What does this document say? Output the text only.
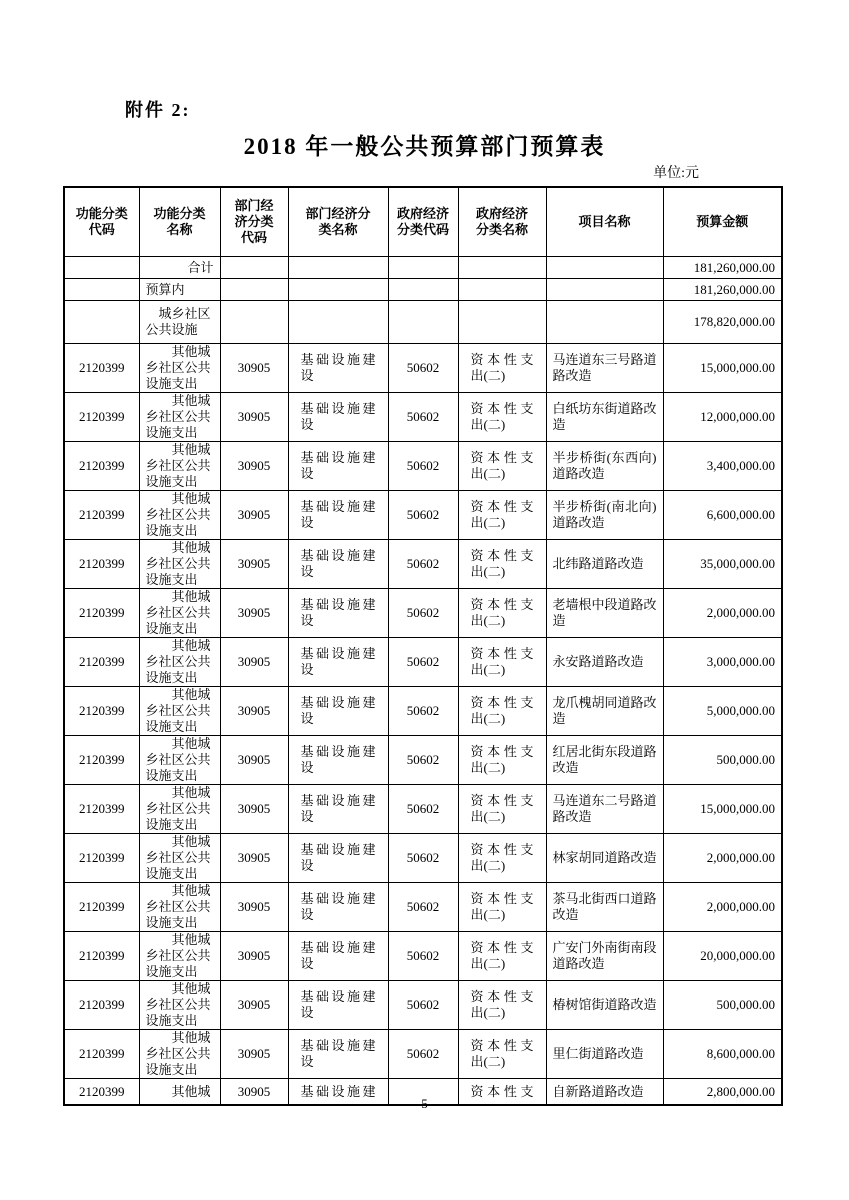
附件 2:
2018 年一般公共预算部门预算表
单位:元
功能分类代码	功能分类名称	部门经济分类代码	部门经济分类名称	政府经济分类代码	政府经济分类名称	项目名称	预算金额
	合计						181,260,000.00
	预算内						181,260,000.00
	城乡社区公共设施						178,820,000.00
2120399	其他城乡社区公共设施支出	30905	基础设施建设	50602	资本性支出(二)	马连道东三号路道路改造	15,000,000.00
2120399	其他城乡社区公共设施支出	30905	基础设施建设	50602	资本性支出(二)	白纸坊东街道路改造	12,000,000.00
2120399	其他城乡社区公共设施支出	30905	基础设施建设	50602	资本性支出(二)	半步桥街(东西向)道路改造	3,400,000.00
2120399	其他城乡社区公共设施支出	30905	基础设施建设	50602	资本性支出(二)	半步桥街(南北向)道路改造	6,600,000.00
2120399	其他城乡社区公共设施支出	30905	基础设施建设	50602	资本性支出(二)	北纬路道路改造	35,000,000.00
2120399	其他城乡社区公共设施支出	30905	基础设施建设	50602	资本性支出(二)	老墙根中段道路改造	2,000,000.00
2120399	其他城乡社区公共设施支出	30905	基础设施建设	50602	资本性支出(二)	永安路道路改造	3,000,000.00
2120399	其他城乡社区公共设施支出	30905	基础设施建设	50602	资本性支出(二)	龙爪槐胡同道路改造	5,000,000.00
2120399	其他城乡社区公共设施支出	30905	基础设施建设	50602	资本性支出(二)	红居北街东段道路改造	500,000.00
2120399	其他城乡社区公共设施支出	30905	基础设施建设	50602	资本性支出(二)	马连道东二号路道路改造	15,000,000.00
2120399	其他城乡社区公共设施支出	30905	基础设施建设	50602	资本性支出(二)	林家胡同道路改造	2,000,000.00
2120399	其他城乡社区公共设施支出	30905	基础设施建设	50602	资本性支出(二)	茶马北街西口道路改造	2,000,000.00
2120399	其他城乡社区公共设施支出	30905	基础设施建设	50602	资本性支出(二)	广安门外南街南段道路改造	20,000,000.00
2120399	其他城乡社区公共设施支出	30905	基础设施建设	50602	资本性支出(二)	椿树馆街道路改造	500,000.00
2120399	其他城乡社区公共设施支出	30905	基础设施建设	50602	资本性支出(二)	里仁街道路改造	8,600,000.00
2120399	其他城	30905	基础设施建		资本性支	自新路道路改造	2,800,000.00
5
